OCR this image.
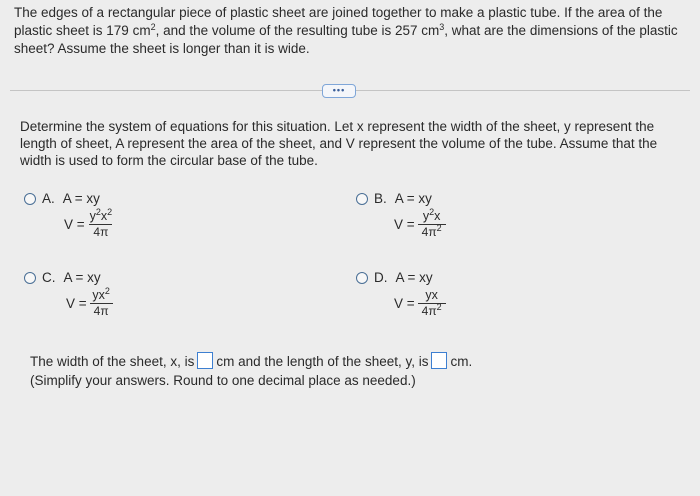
The edges of a rectangular piece of plastic sheet are joined together to make a plastic tube. If the area of the plastic sheet is 179 $cm^2$, and the volume of the resulting tube is 257 $cm^3$, what are the dimensions of the plastic sheet? Assume the sheet is longer than it is wide.
•••
Determine the system of equations for this situation. Let x represent the width of the sheet, y represent the length of sheet, A represent the area of the sheet, and V represent the volume of the tube. Assume that the width is used to form the circular base of the tube.
A. A = xy
$V = \frac{y^2x^2}{4\pi}$
B. A = xy
$V = \frac{y^2x}{4\pi^2}$
C. A = xy
$V = \frac{yx^2}{4\pi}$
D. A = xy
$V = \frac{yx}{4\pi^2}$
The width of the sheet, x, is cm and the length of the sheet, y, is cm.
(Simplify your answers. Round to one decimal place as needed.)
